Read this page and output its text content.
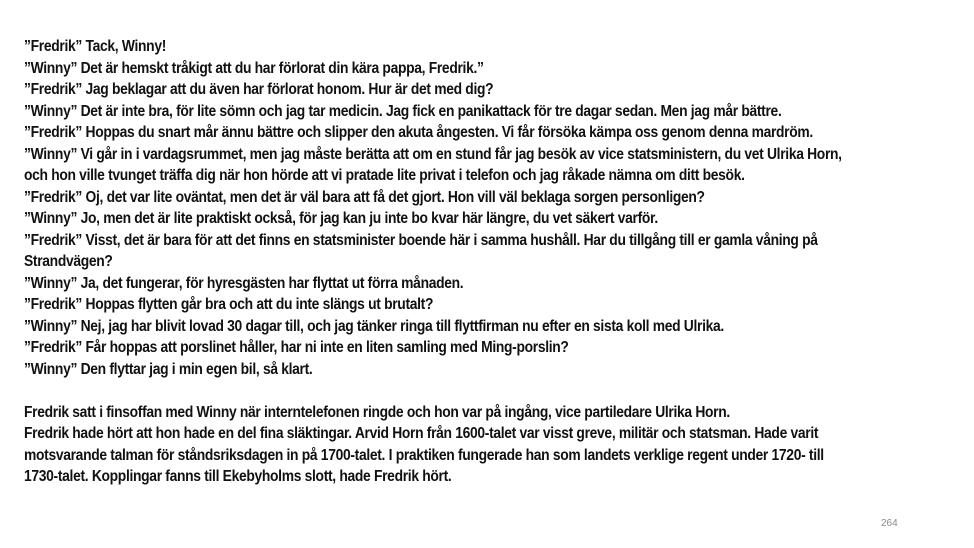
”Fredrik” Tack, Winny!
”Winny” Det är hemskt tråkigt att du har förlorat din kära pappa, Fredrik.”
”Fredrik” Jag beklagar att du även har förlorat honom. Hur är det med dig?
”Winny” Det är inte bra, för lite sömn och jag tar medicin. Jag fick en panikattack för tre dagar sedan. Men jag mår bättre.
”Fredrik” Hoppas du snart mår ännu bättre och slipper den akuta ångesten. Vi får försöka kämpa oss genom denna mardröm.
”Winny” Vi går in i vardagsrummet, men jag måste berätta att om en stund får jag besök av vice statsministern, du vet Ulrika Horn,
och hon ville tvunget träffa dig när hon hörde att vi pratade lite privat i telefon och jag råkade nämna om ditt besök.
”Fredrik” Oj, det var lite oväntat, men det är väl bara att få det gjort. Hon vill väl beklaga sorgen personligen?
”Winny” Jo, men det är lite praktiskt också, för jag kan ju inte bo kvar här längre, du vet säkert varför.
”Fredrik” Visst, det är bara för att det finns en statsminister boende här i samma hushåll. Har du tillgång till er gamla våning på
Strandvägen?
”Winny” Ja, det fungerar, för hyresgästen har flyttat ut förra månaden.
”Fredrik” Hoppas flytten går bra och att du inte slängs ut brutalt?
”Winny” Nej, jag har blivit lovad 30 dagar till, och jag tänker ringa till flyttfirman nu efter en sista koll med Ulrika.
”Fredrik” Får hoppas att porslinet håller, har ni inte en liten samling med Ming-porslin?
”Winny” Den flyttar jag i min egen bil, så klart.
Fredrik satt i finsoffan med Winny när interntelefonen ringde och hon var på ingång, vice partiledare Ulrika Horn.
Fredrik hade hört att hon hade en del fina släktingar. Arvid Horn från 1600-talet var visst greve, militär och statsman. Hade varit
motsvarande talman för ståndsriksdagen in på 1700-talet. I praktiken fungerade han som landets verklige regent under 1720- till
1730-talet. Kopplingar fanns till Ekebyholms slott, hade Fredrik hört.
264
